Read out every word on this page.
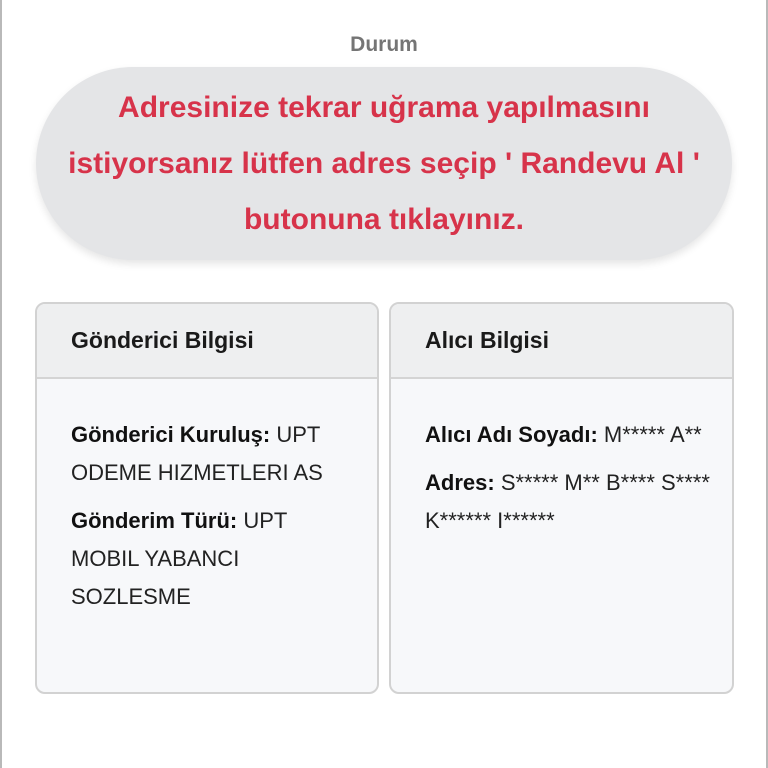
Durum

Adresinize tekrar uğrama yapılmasını istiyorsanız lütfen adres seçip ' Randevu Al ' butonuna tıklayınız.

Gönderici Bilgisi

Gönderici Kuruluş: UPT ODEME HIZMETLERI AS

Gönderim Türü: UPT MOBIL YABANCI SOZLESME

Alıcı Bilgisi

Alıcı Adı Soyadı: M***** A**

Adres: S***** M** B**** S**** K****** I******
